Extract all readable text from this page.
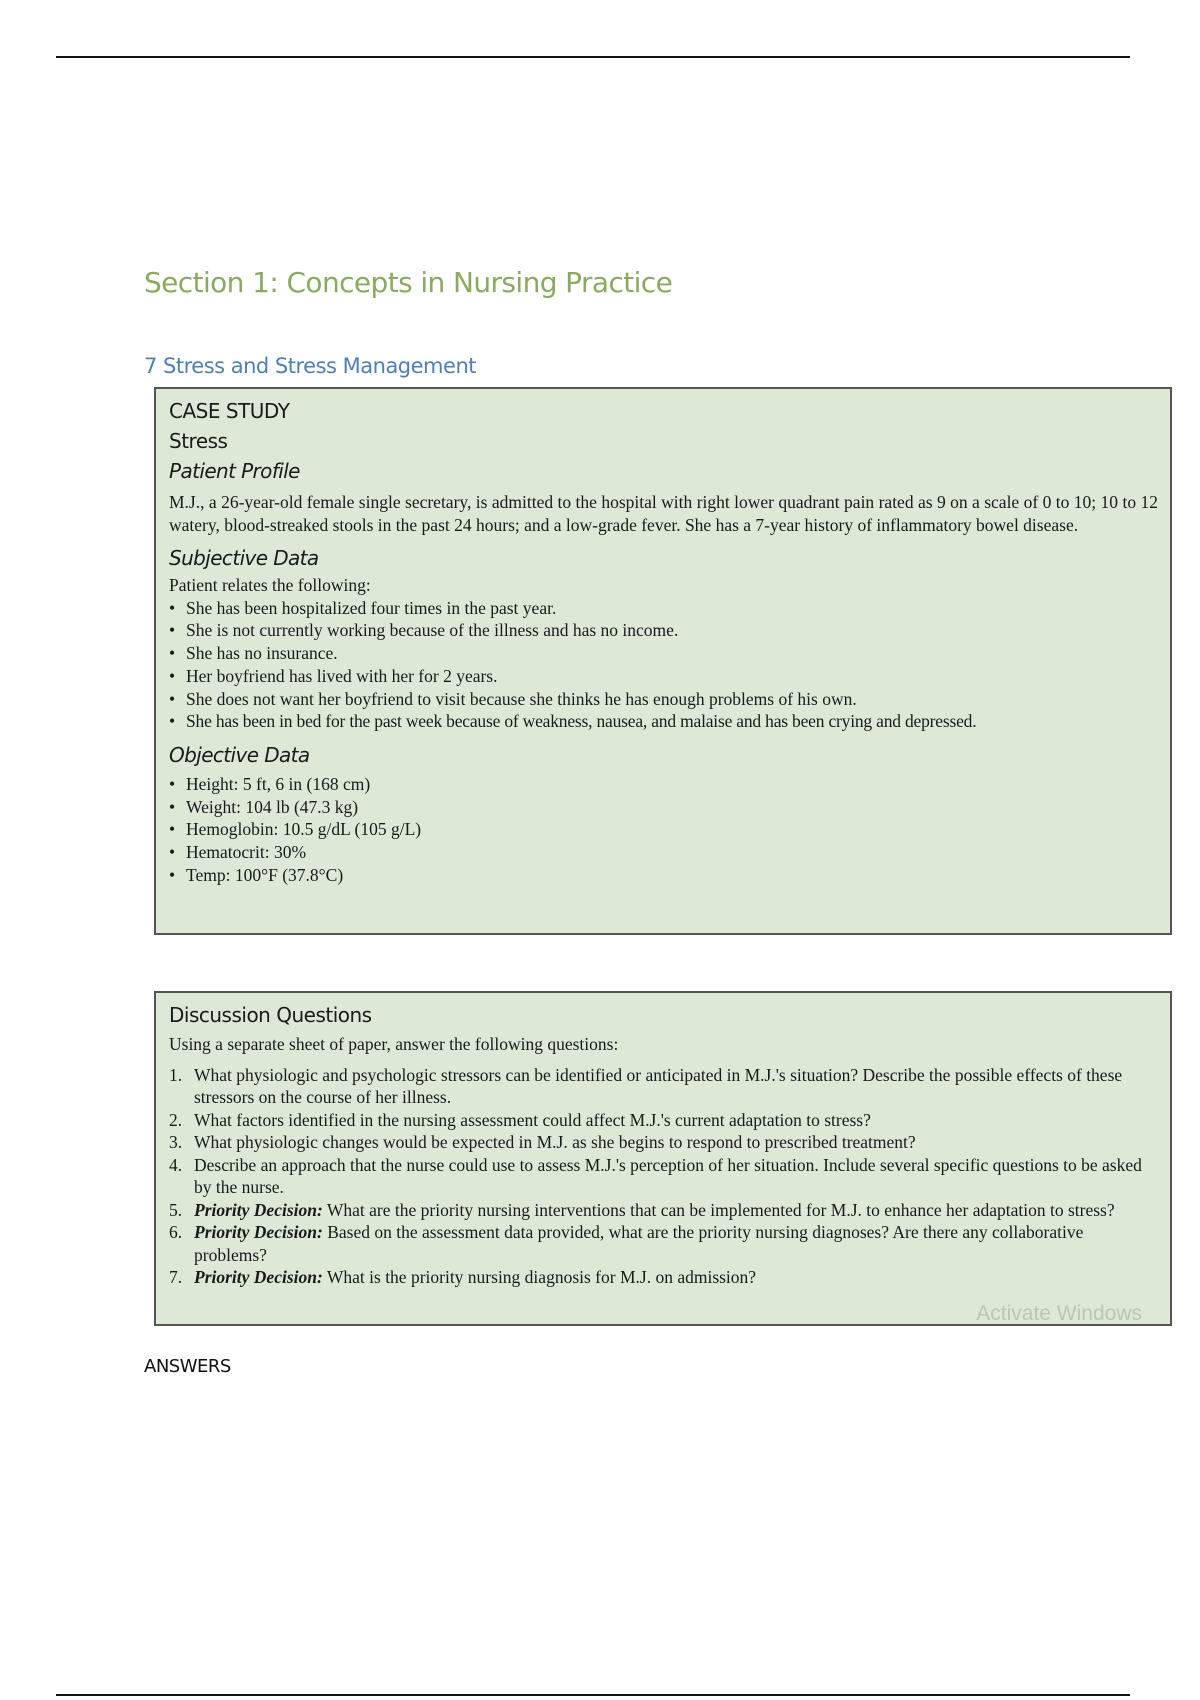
Section 1: Concepts in Nursing Practice
7 Stress and Stress Management
CASE STUDY
Stress
Patient Profile
M.J., a 26-year-old female single secretary, is admitted to the hospital with right lower quadrant pain rated as 9 on a scale of 0 to 10; 10 to 12 watery, blood-streaked stools in the past 24 hours; and a low-grade fever. She has a 7-year history of inflammatory bowel disease.
Subjective Data
Patient relates the following:
• She has been hospitalized four times in the past year.
• She is not currently working because of the illness and has no income.
• She has no insurance.
• Her boyfriend has lived with her for 2 years.
• She does not want her boyfriend to visit because she thinks he has enough problems of his own.
• She has been in bed for the past week because of weakness, nausea, and malaise and has been crying and depressed.
Objective Data
• Height: 5 ft, 6 in (168 cm)
• Weight: 104 lb (47.3 kg)
• Hemoglobin: 10.5 g/dL (105 g/L)
• Hematocrit: 30%
• Temp: 100°F (37.8°C)
Discussion Questions
Using a separate sheet of paper, answer the following questions:
1. What physiologic and psychologic stressors can be identified or anticipated in M.J.'s situation? Describe the possible effects of these stressors on the course of her illness.
2. What factors identified in the nursing assessment could affect M.J.'s current adaptation to stress?
3. What physiologic changes would be expected in M.J. as she begins to respond to prescribed treatment?
4. Describe an approach that the nurse could use to assess M.J.'s perception of her situation. Include several specific questions to be asked by the nurse.
5. Priority Decision: What are the priority nursing interventions that can be implemented for M.J. to enhance her adaptation to stress?
6. Priority Decision: Based on the assessment data provided, what are the priority nursing diagnoses? Are there any collaborative problems?
7. Priority Decision: What is the priority nursing diagnosis for M.J. on admission?
Activate Windows
ANSWERS
